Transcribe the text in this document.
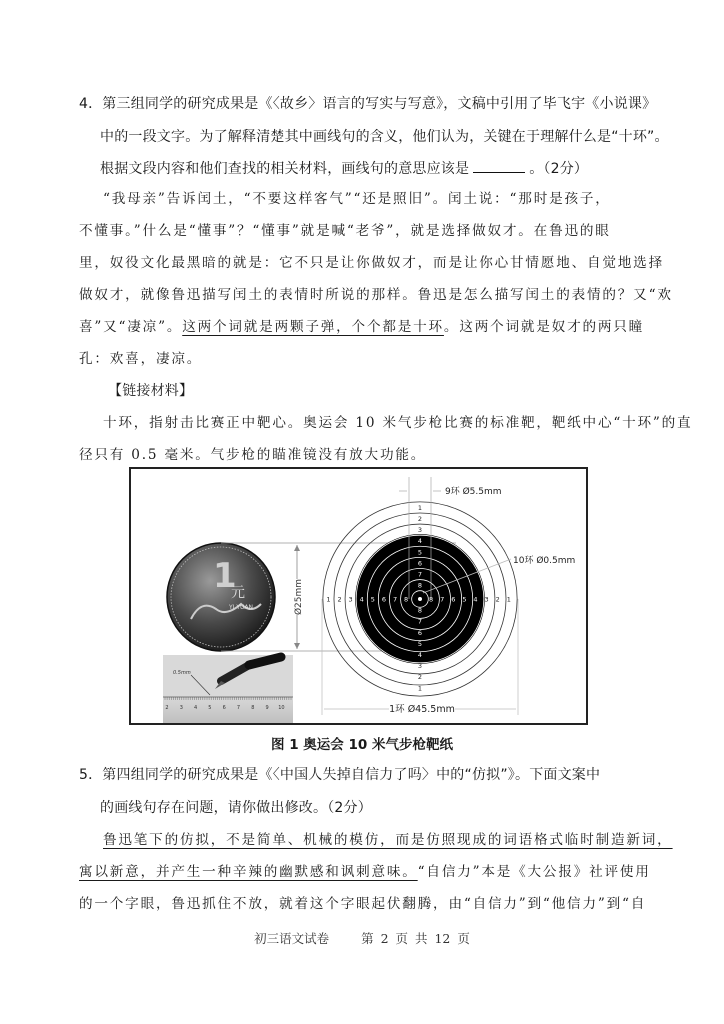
4．第三组同学的研究成果是《〈故乡〉语言的写实与写意》，文稿中引用了毕飞宇《小说课》
中的一段文字。为了解释清楚其中画线句的含义，他们认为，关键在于理解什么是“十环”。
根据文段内容和他们查找的相关材料，画线句的意思应该是	。（2分）
“我母亲”告诉闰土，“不要这样客气”“还是照旧”。闰土说：“那时是孩子，
不懂事。”什么是“懂事”？“懂事”就是喊“老爷”，就是选择做奴才。在鲁迅的眼
里，奴役文化最黑暗的就是：它不只是让你做奴才，而是让你心甘情愿地、自觉地选择
做奴才，就像鲁迅描写闰土的表情时所说的那样。鲁迅是怎么描写闰土的表情的？又“欢
喜”又“凄凉”。这两个词就是两颗子弹，个个都是十环。这两个词就是奴才的两只瞳
孔：欢喜，凄凉。
【链接材料】
十环，指射击比赛正中靶心。奥运会 10 米气步枪比赛的标准靶，靶纸中心“十环”的直
径只有 0.5 毫米。气步枪的瞄准镜没有放大功能。
1
元
YI YUAN	Ø25mm
2 3 4 5 6 7 8 9 10
0.5mm
1
2
3
4
5
6
7
8
8
7
6
5
4
3
2
1
1 2 3 4 5 6 7 8	8 7 6 5 4 3 2 1
9环 Ø5.5mm
10环 Ø0.5mm
1环 Ø45.5mm
图 1 奥运会 10 米气步枪靶纸
5．第四组同学的研究成果是《〈中国人失掉自信力了吗〉中的“仿拟”》。下面文案中
的画线句存在问题，请你做出修改。（2分）
鲁迅笔下的仿拟，不是简单、机械的模仿，而是仿照现成的词语格式临时制造新词，
寓以新意，并产生一种辛辣的幽默感和讽刺意味。“自信力”本是《大公报》社评使用
的一个字眼，鲁迅抓住不放，就着这个字眼起伏翻腾，由“自信力”到“他信力”到“自
初三语文试卷	第 2 页 共 12 页
